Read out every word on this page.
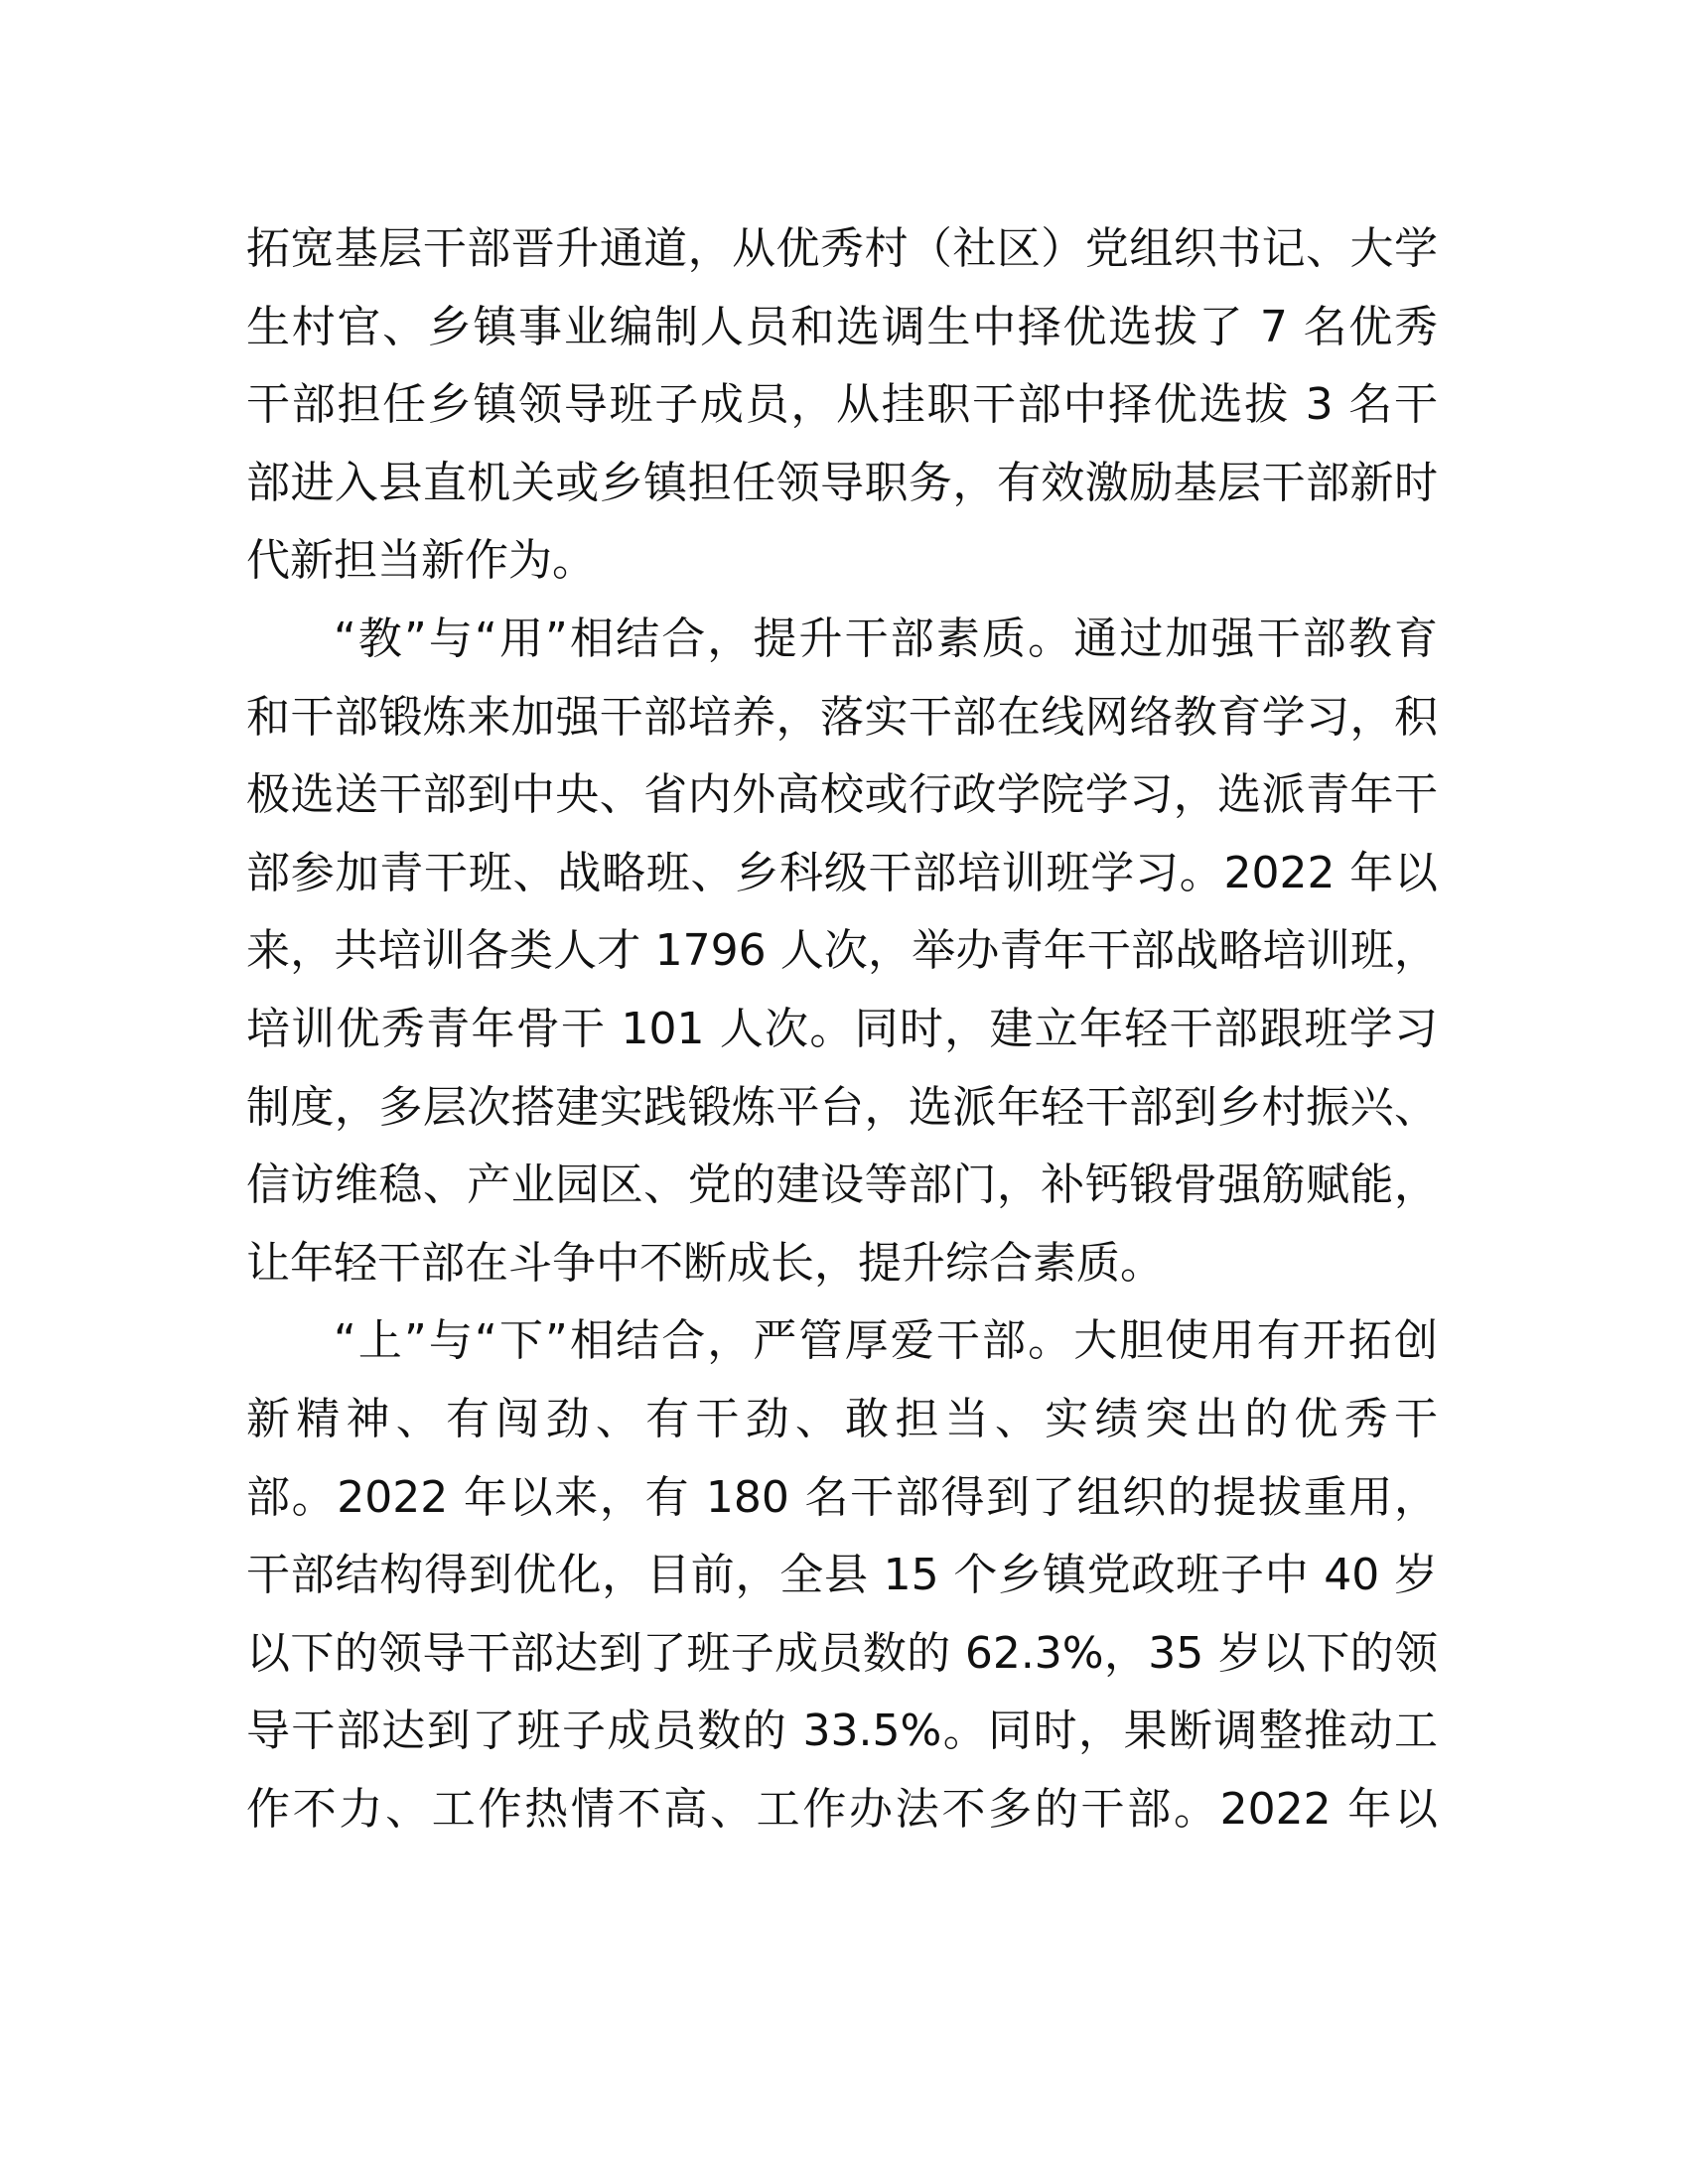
拓宽基层干部晋升通道，从优秀村（社区）党组织书记、大学
生村官、乡镇事业编制人员和选调生中择优选拔了 7 名优秀
干部担任乡镇领导班子成员，从挂职干部中择优选拔 3 名干
部进入县直机关或乡镇担任领导职务，有效激励基层干部新时
代新担当新作为。
“教”与“用”相结合，提升干部素质。通过加强干部教育
和干部锻炼来加强干部培养，落实干部在线网络教育学习，积
极选送干部到中央、省内外高校或行政学院学习，选派青年干
部参加青干班、战略班、乡科级干部培训班学习。2022 年以
来，共培训各类人才 1796 人次，举办青年干部战略培训班，
培训优秀青年骨干 101 人次。同时，建立年轻干部跟班学习
制度，多层次搭建实践锻炼平台，选派年轻干部到乡村振兴、
信访维稳、产业园区、党的建设等部门，补钙锻骨强筋赋能，
让年轻干部在斗争中不断成长，提升综合素质。
“上”与“下”相结合，严管厚爱干部。大胆使用有开拓创
新精神、有闯劲、有干劲、敢担当、实绩突出的优秀干
部。2022 年以来，有 180 名干部得到了组织的提拔重用，
干部结构得到优化，目前，全县 15 个乡镇党政班子中 40 岁
以下的领导干部达到了班子成员数的 62.3%，35 岁以下的领
导干部达到了班子成员数的 33.5%。同时，果断调整推动工
作不力、工作热情不高、工作办法不多的干部。2022 年以
